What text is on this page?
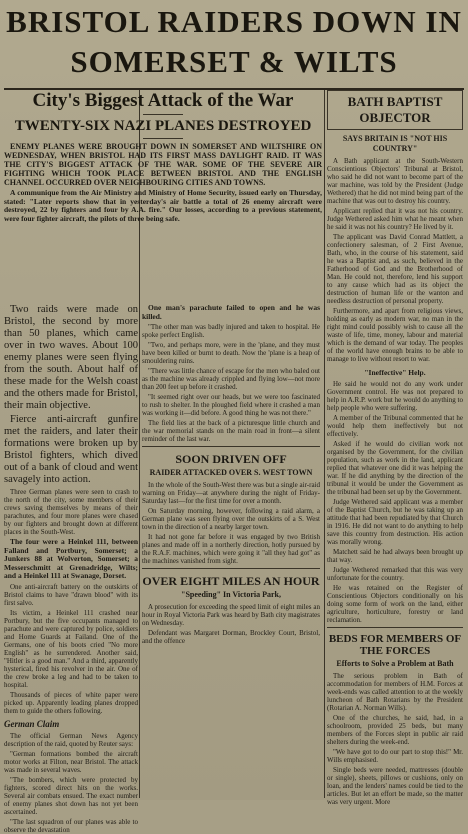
BRISTOL RAIDERS DOWN IN
SOMERSET & WILTS
City's Biggest Attack of the War
TWENTY-SIX NAZI PLANES DESTROYED

ENEMY PLANES WERE BROUGHT DOWN IN SOMERSET AND WILTSHIRE ON WEDNESDAY, WHEN BRISTOL HAD ITS FIRST MASS DAYLIGHT RAID. IT WAS THE CITY'S BIGGEST ATTACK OF THE WAR. SOME OF THE SEVERE AIR FIGHTING WHICH TOOK PLACE BETWEEN BRISTOL AND THE ENGLISH CHANNEL OCCURRED OVER NEIGHBOURING CITIES AND TOWNS.

A communique from the Air Ministry and Ministry of Home Security, issued early on Thursday, stated: "Later reports show that in yesterday's air battle a total of 26 enemy aircraft were destroyed, 22 by fighters and four by A.A. fire." Our losses, according to a previous statement, were four fighter aircraft, the pilots of three being safe.

Two raids were made on Bristol, the second by more than 50 planes, which came over in two waves. About 100 enemy planes were seen flying from the south. About half of these made for the Welsh coast and the others made for Bristol, their main objective.

Fierce anti-aircraft gunfire met the raiders, and later their formations were broken up by Bristol fighters, which dived out of a bank of cloud and went savagely into action.

Three German planes were seen to crash to the north of the city, some members of their crews saving themselves by means of their parachutes, and four more planes were chased by our fighters and brought down at different places in the South-West.

The four were a Heinkel 111, between Falland and Portbury, Somerset; a Junkers 88 at Wolverton, Somerset; a Messerschmitt at Grenadridge, Wilts; and a Heinkel 111 at Swanage, Dorset.

One anti-aircraft battery on the outskirts of Bristol claims to have "drawn blood" with its first salvo.

Its victim, a Heinkel 111 crashed near Portbury, but the five occupants managed to parachute and were captured by police, soldiers and Home Guards at Failand. One of the Germans, one of his boots cried "No more English" as he surrendered. Another said, "Hitler is a good man." And a third, apparently hysterical, fired his revolver in the air. One of the crew broke a leg and had to be taken to hospital.

Thousands of pieces of white paper were picked up. Apparently leading planes dropped them to guide the others following.

German Claim

The official German News Agency description of the raid, quoted by Reuter says:

"German formations bombed the aircraft motor works at Filton, near Bristol. The attack was made in several waves.

"The bombers, which were protected by fighters, scored direct hits on the works. Several air combats ensued. The exact number of enemy planes shot down has not yet been ascertained.

"The last squadron of our planes was able to observe the devastation

One man's parachute failed to open and he was killed.

"The other man was badly injured and taken to hospital. He spoke perfect English.

"Two, and perhaps more, were in the 'plane, and they must have been killed or burnt to death. Now the 'plane is a heap of smouldering ruins.

"There was little chance of escape for the men who baled out as the machine was already crippled and flying low—not more than 200 feet up before it crashed.

"It seemed right over our heads, but we were too fascinated to rush to shelter. In the ploughed field where it crashed a man was working it—did before. A good thing he was not there."

The field lies at the back of a picturesque little church and the war memorial stands on the main road in front—a silent reminder of the last war.

SOON DRIVEN OFF
RAIDER ATTACKED OVER S. WEST TOWN

In the whole of the South-West there was but a single air-raid warning on Friday—at anywhere during the night of Friday-Saturday last—for the first time for over a month.

On Saturday morning, however, following a raid alarm, a German plane was seen flying over the outskirts of a S. West town in the direction of a nearby larger town.

It had not gone far before it was engaged by two British planes and made off in a northerly direction, hotly pursued by the R.A.F. machines, which were going it "all they had got" as the machines vanished from sight.

OVER EIGHT MILES AN HOUR
"Speeding" In Victoria Park,

A prosecution for exceeding the speed limit of eight miles an hour in Royal Victoria Park was heard by Bath city magistrates on Wednesday.

Defendant was Margaret Dorman, Brockley Court, Bristol, and the offence

BATH BAPTIST OBJECTOR
SAYS BRITAIN IS "NOT HIS COUNTRY"

A Bath applicant at the South-Western Conscientious Objectors' Tribunal at Bristol, who said he did not want to become part of the war machine, was told by the President (Judge Wethered) that he did not mind being part of the machine that was out to destroy his country.

Applicant replied that it was not his country. Judge Wethered asked him what he meant when he said it was not his country? He lived by it.

The applicant was David Conrad Mattlett, a confectionery salesman, of 2 First Avenue, Bath, who, in the course of his statement, said he was a Baptist and, as such, believed in the Fatherhood of God and the Brotherhood of Man. He could not, therefore, lend his support to any cause which had as its object the destruction of human life or the wanton and needless destruction of personal property.

Furthermore, and apart from religious views, holding as early as modern war, no man in the right mind could possibly wish to cause all the waste of life, time, money, labour and material which is the demand of war today. The peoples of the world have enough brains to be able to manage to live without resort to war.

"Ineffective" Help.

He said he would not do any work under Government control. He was not prepared to help in A.R.P. work but he would do anything to help people who were suffering.

A member of the Tribunal commented that he would help them ineffectively but not effectively.

Asked if he would do civilian work not organised by the Government, for the civilian population, such as work in the land, applicant replied that whatever one did it was helping the war. If he did anything by the direction of the tribunal it would be under the Government as the tribunal had been set up by the Government.

Judge Wethered said applicant was a member of the Baptist Church, but he was taking up an attitude that had been repudiated by that Church in 1916. He did not want to do anything to help save this country from destruction. His action was morally wrong.

Matchett said he had always been brought up that way.

Judge Wethered remarked that this was very unfortunate for the country.

He was retained on the Register of Conscientious Objectors conditionally on his doing some form of work on the land, either agriculture, horticulture, forestry or land reclamation.

BEDS FOR MEMBERS OF THE FORCES
Efforts to Solve a Problem at Bath

The serious problem in Bath of accommodation for members of H.M. Forces at week-ends was called attention to at the weekly luncheon of Bath Rotarians by the President (Rotarian A. Norman Wills).

One of the churches, he said, had, in a schoolroom, provided 25 beds, but many members of the Forces slept in public air raid shelters during the week-end.

"We have got to do our part to stop this!" Mr. Wills emphasised.

Single beds were needed, mattresses (double or single), sheets, pillows or cushions, only on loan, and the lenders' names could be tied to the articles. But let an effort be made, so the matter was very urgent. More
